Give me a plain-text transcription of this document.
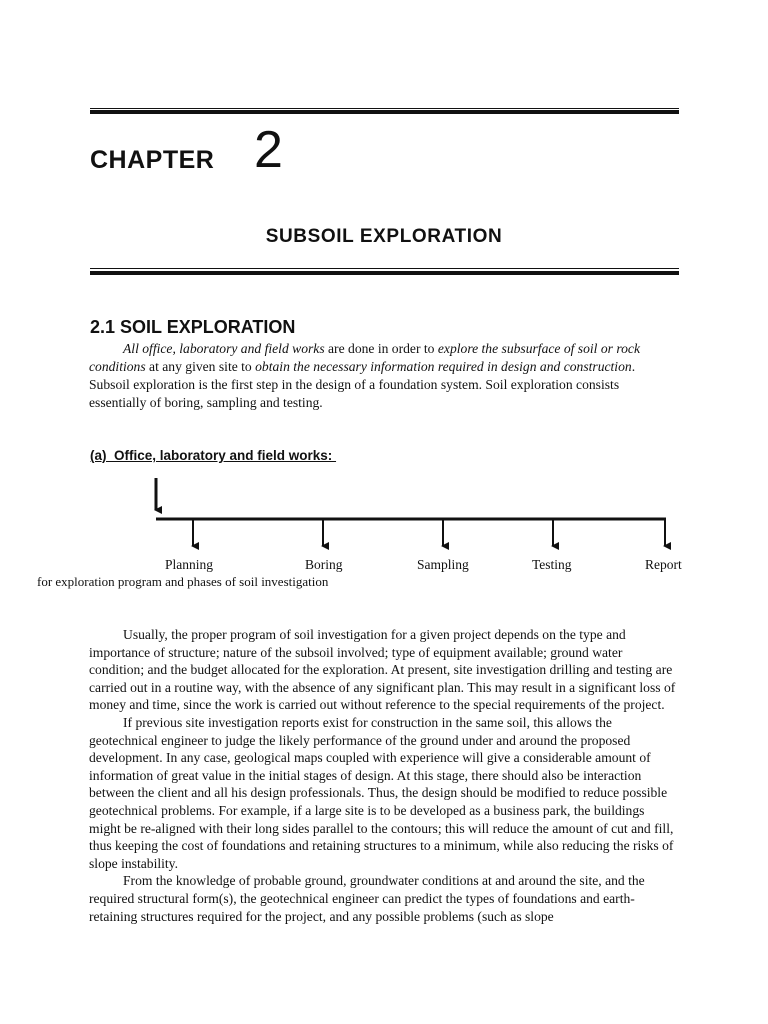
CHAPTER 2
SUBSOIL EXPLORATION
2.1 SOIL EXPLORATION

All office, laboratory and field works are done in order to explore the subsurface of soil or rock conditions at any given site to obtain the necessary information required in design and construction. Subsoil exploration is the first step in the design of a foundation system. Soil exploration consists essentially of boring, sampling and testing.

(a)  Office, laboratory and field works:
Planning	Boring	Sampling	Testing	Report
for exploration program and phases of soil investigation

Usually, the proper program of soil investigation for a given project depends on the type and importance of structure; nature of the subsoil involved; type of equipment available; ground water condition; and the budget allocated for the exploration. At present, site investigation drilling and testing are carried out in a routine way, with the absence of any significant plan. This may result in a significant loss of money and time, since the work is carried out without reference to the special requirements of the project.

If previous site investigation reports exist for construction in the same soil, this allows the geotechnical engineer to judge the likely performance of the ground under and around the proposed development. In any case, geological maps coupled with experience will give a considerable amount of information of great value in the initial stages of design. At this stage, there should also be interaction between the client and all his design professionals. Thus, the design should be modified to reduce possible geotechnical problems. For example, if a large site is to be developed as a business park, the buildings might be re-aligned with their long sides parallel to the contours; this will reduce the amount of cut and fill, thus keeping the cost of foundations and retaining structures to a minimum, while also reducing the risks of slope instability.

From the knowledge of probable ground, groundwater conditions at and around the site, and the required structural form(s), the geotechnical engineer can predict the types of foundations and earth-retaining structures required for the project, and any possible problems (such as slope
